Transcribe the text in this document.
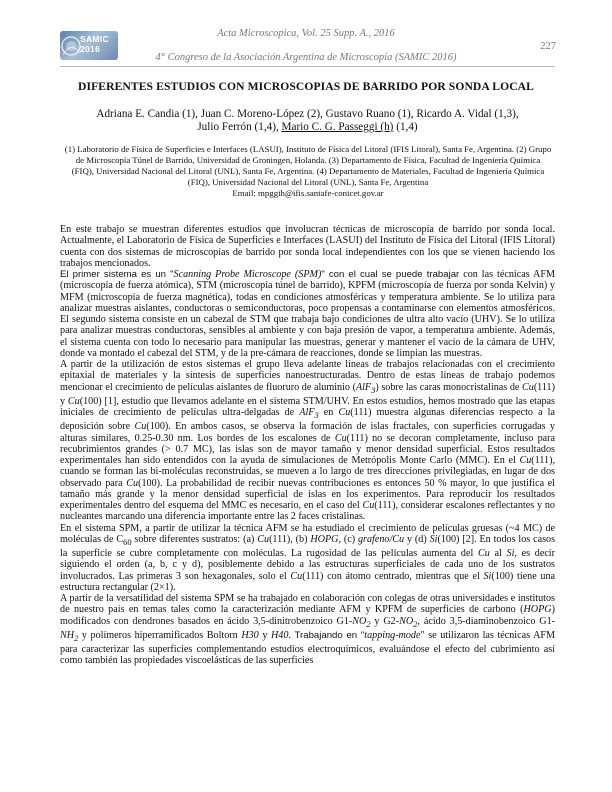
SAMIC
2016
Acta Microscopica, Vol. 25 Supp. A., 2016
227
4° Congreso de la Asociación Argentina de Microscopía (SAMIC 2016)
DIFERENTES ESTUDIOS CON MICROSCOPIAS DE BARRIDO POR SONDA LOCAL
Adriana E. Candia (1), Juan C. Moreno-López (2), Gustavo Ruano (1), Ricardo A. Vidal (1,3),
Julio Ferrón (1,4), Mario C. G. Passeggi (h) (1,4)
(1) Laboratorio de Física de Superficies e Interfaces (LASUI), Instituto de Física del Litoral (IFIS Litoral), Santa Fe, Argentina. (2) Grupo de Microscopía Túnel de Barrido, Universidad de Groningen, Holanda. (3) Departamento de Física, Facultad de Ingeniería Química (FIQ), Universidad Nacional del Litoral (UNL), Santa Fe, Argentina. (4) Departamento de Materiales, Facultad de Ingeniería Química (FIQ), Universidad Nacional del Litoral (UNL), Santa Fe, Argentina
Email: mpggih@ifis.santafe-conicet.gov.ar

En este trabajo se muestran diferentes estudios que involucran técnicas de microscopía de barrido por sonda local. Actualmente, el Laboratorio de Física de Superficies e Interfaces (LASUI) del Instituto de Física del Litoral (IFIS Litoral) cuenta con dos sistemas de microscopías de barrido por sonda local independientes con los que se vienen haciendo los trabajos mencionados.

El primer sistema es un "Scanning Probe Microscope (SPM)" con el cual se puede trabajar con las técnicas AFM (microscopía de fuerza atómica), STM (microscopía túnel de barrido), KPFM (microscopía de fuerza por sonda Kelvin) y MFM (microscopía de fuerza magnética), todas en condiciones atmosféricas y temperatura ambiente. Se lo utiliza para analizar muestras aislantes, conductoras o semiconductoras, poco propensas a contaminarse con elementos atmosféricos. El segundo sistema consiste en un cabezal de STM que trabaja bajo condiciones de ultra alto vacío (UHV). Se lo utiliza para analizar muestras conductoras, sensibles al ambiente y con baja presión de vapor, a temperatura ambiente. Además, el sistema cuenta con todo lo necesario para manipular las muestras, generar y mantener el vacío de la cámara de UHV, donde va montado el cabezal del STM, y de la pre-cámara de reacciones, donde se limpian las muestras.

A partir de la utilización de estos sistemas el grupo lleva adelante líneas de trabajos relacionadas con el crecimiento epitaxial de materiales y la síntesis de superficies nanoestructuradas. Dentro de estas líneas de trabajo podemos mencionar el crecimiento de películas aislantes de fluoruro de aluminio (AlF$_3$) sobre las caras monocristalinas de Cu(111) y Cu(100) [1], estudio que llevamos adelante en el sistema STM/UHV. En estos estudios, hemos mostrado que las etapas iniciales de crecimiento de películas ultra-delgadas de AlF$_3$ en Cu(111) muestra algunas diferencias respecto a la deposición sobre Cu(100). En ambos casos, se observa la formación de islas fractales, con superficies corrugadas y alturas similares, 0.25-0.30 nm. Los bordes de los escalones de Cu(111) no se decoran completamente, incluso para recubrimientos grandes (> 0.7 MC), las islas son de mayor tamaño y menor densidad superficial. Estos resultados experimentales han sido entendidos con la ayuda de simulaciones de Metrópolis Monte Carlo (MMC). En el Cu(111), cuando se forman las bi-moléculas reconstruidas, se mueven a lo largo de tres direcciones privilegiadas, en lugar de dos observado para Cu(100). La probabilidad de recibir nuevas contribuciones es entonces 50 % mayor, lo que justifica el tamaño más grande y la menor densidad superficial de islas en los experimentos. Para reproducir los resultados experimentales dentro del esquema del MMC es necesario, en el caso del Cu(111), considerar escalones reflectantes y no nucleantes marcando una diferencia importante entre las 2 faces cristalinas.

En el sistema SPM, a partir de utilizar la técnica AFM se ha estudiado el crecimiento de películas gruesas (~4 MC) de moléculas de $C_{60}$ sobre diferentes sustratos: (a) Cu(111), (b) HOPG, (c) grafeno/Cu y (d) Si(100) [2]. En todos los casos la superficie se cubre completamente con moléculas. La rugosidad de las películas aumenta del Cu al Si, es decir siguiendo el orden (a, b, c y d), posiblemente debido a las estructuras superficiales de cada uno de los sustratos involucrados. Las primeras 3 son hexagonales, solo el Cu(111) con átomo centrado, mientras que el Si(100) tiene una estructura rectangular (2×1).

A partir de la versatilidad del sistema SPM se ha trabajado en colaboración con colegas de otras universidades e institutos de nuestro país en temas tales como la caracterización mediante AFM y KPFM de superficies de carbono (HOPG) modificados con dendrones basados en ácido 3,5-dinitrobenzoico $G1-NO_2$ y $G2-NO_2$, ácido 3,5-diaminobenzoico $G1-NH_2$ y polímeros hiperramificados Boltorn H30 y H40. Trabajando en "tapping-mode" se utilizaron las técnicas AFM para caracterizar las superficies complementando estudios electroquímicos, evaluándose el efecto del cubrimiento así como también las propiedades viscoelásticas de las superficies
